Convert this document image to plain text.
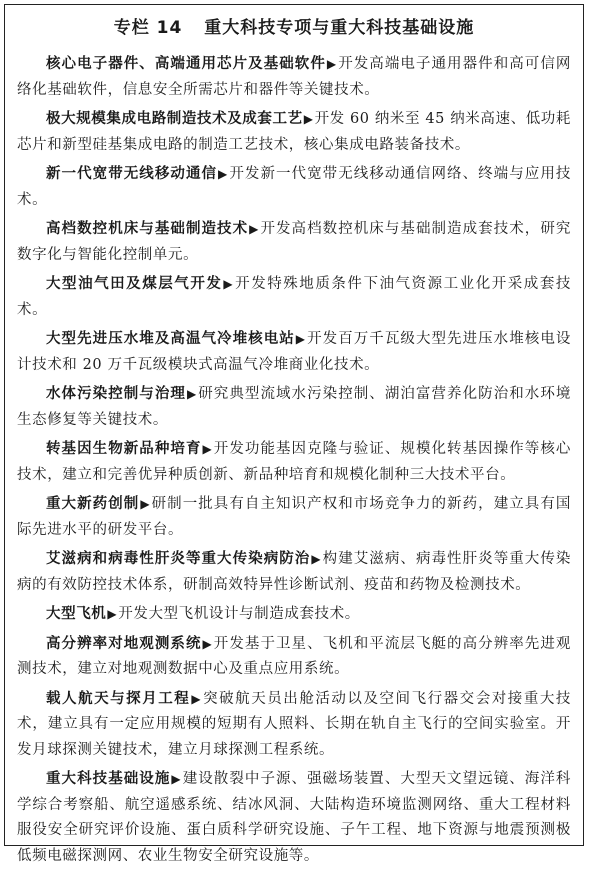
专栏 14 重大科技专项与重大科技基础设施

核心电子器件、高端通用芯片及基础软件▶开发高端电子通用器件和高可信网络化基础软件，信息安全所需芯片和器件等关键技术。

极大规模集成电路制造技术及成套工艺▶开发 60 纳米至 45 纳米高速、低功耗芯片和新型硅基集成电路的制造工艺技术，核心集成电路装备技术。

新一代宽带无线移动通信▶开发新一代宽带无线移动通信网络、终端与应用技术。

高档数控机床与基础制造技术▶开发高档数控机床与基础制造成套技术，研究数字化与智能化控制单元。

大型油气田及煤层气开发▶开发特殊地质条件下油气资源工业化开采成套技术。

大型先进压水堆及高温气冷堆核电站▶开发百万千瓦级大型先进压水堆核电设计技术和 20 万千瓦级模块式高温气冷堆商业化技术。

水体污染控制与治理▶研究典型流域水污染控制、湖泊富营养化防治和水环境生态修复等关键技术。

转基因生物新品种培育▶开发功能基因克隆与验证、规模化转基因操作等核心技术，建立和完善优异种质创新、新品种培育和规模化制种三大技术平台。

重大新药创制▶研制一批具有自主知识产权和市场竞争力的新药，建立具有国际先进水平的研发平台。

艾滋病和病毒性肝炎等重大传染病防治▶构建艾滋病、病毒性肝炎等重大传染病的有效防控技术体系，研制高效特异性诊断试剂、疫苗和药物及检测技术。

大型飞机▶开发大型飞机设计与制造成套技术。

高分辨率对地观测系统▶开发基于卫星、飞机和平流层飞艇的高分辨率先进观测技术，建立对地观测数据中心及重点应用系统。

载人航天与探月工程▶突破航天员出舱活动以及空间飞行器交会对接重大技术，建立具有一定应用规模的短期有人照料、长期在轨自主飞行的空间实验室。开发月球探测关键技术，建立月球探测工程系统。

重大科技基础设施▶建设散裂中子源、强磁场装置、大型天文望远镜、海洋科学综合考察船、航空遥感系统、结冰风洞、大陆构造环境监测网络、重大工程材料服役安全研究评价设施、蛋白质科学研究设施、子午工程、地下资源与地震预测极低频电磁探测网、农业生物安全研究设施等。
